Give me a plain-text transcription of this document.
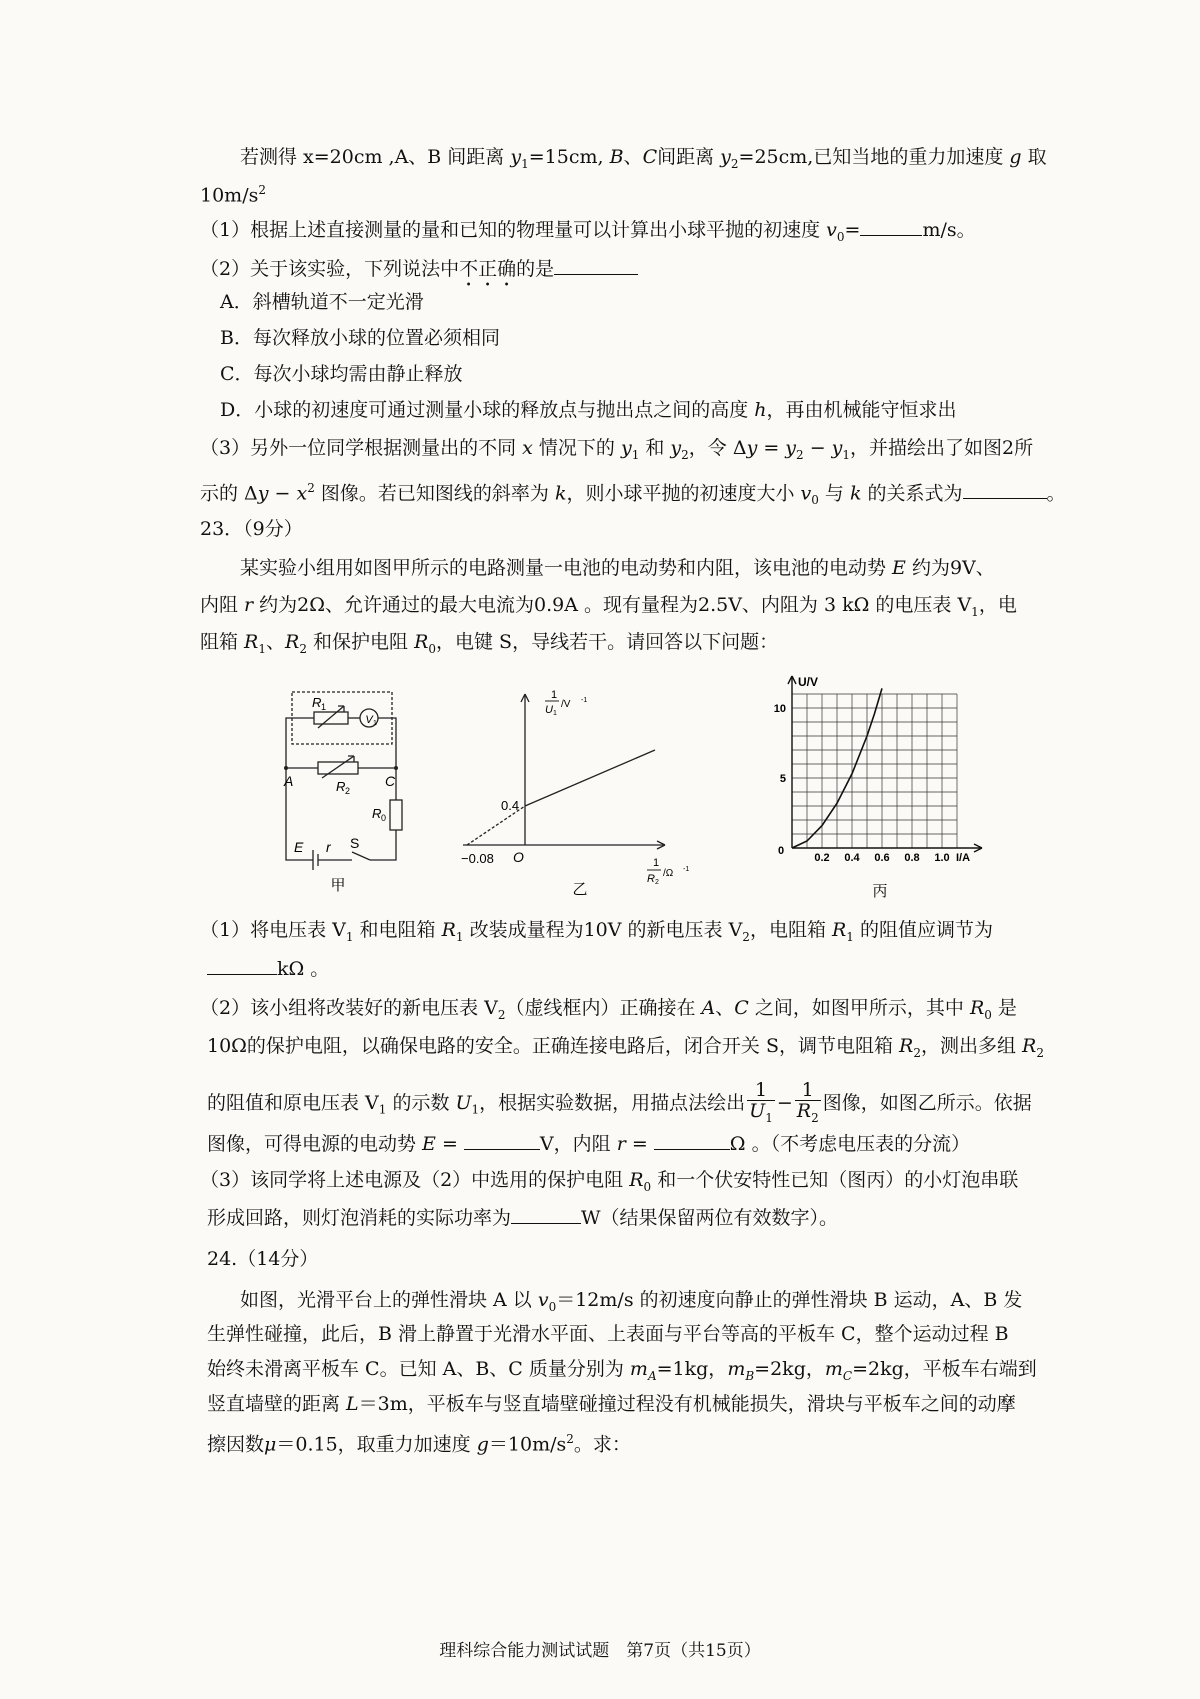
若测得 x=20cm ,A、B 间距离 $y_1=15cm$, B、C间距离 $y_2=25cm$,已知当地的重力加速度 g 取
$10m/s^2$
（1）根据上述直接测量的量和已知的物理量可以计算出小球平抛的初速度 $v_0=$	m/s。
（2）关于该实验，下列说法中不正确的是
A．斜槽轨道不一定光滑
B．每次释放小球的位置必须相同
C．每次小球均需由静止释放
D．小球的初速度可通过测量小球的释放点与抛出点之间的高度 h，再由机械能守恒求出
（3）另外一位同学根据测量出的不同 x 情况下的 $y_1$ 和 $y_2$，令 $\Delta y = y_2 - y_1$，并描绘出了如图2所
示的 $\Delta y - x^2$ 图像。若已知图线的斜率为 k，则小球平抛的初速度大小 $v_0$ 与 k 的关系式为	。
23．（9分）
某实验小组用如图甲所示的电路测量一电池的电动势和内阻，该电池的电动势 E 约为9V、
内阻 r 约为2Ω、允许通过的最大电流为0.9A 。现有量程为2.5V、内阻为 3 kΩ 的电压表 $V_1$，电
阻箱 $R_1$、$R_2$ 和保护电阻 $R_0$，电键 S，导线若干。请回答以下问题：
V 1
R 1
R 2
A	C
R 0
E r S
甲
1
U 1
/V -1
0.4
−0.08 O	1
R 2
/Ω -1
乙
0.2 0.4 0.6 0.8 1.0
10
5
U/V
I/A
0
丙
（1）将电压表 $V_1$ 和电阻箱 $R_1$ 改装成量程为10V 的新电压表 $V_2$，电阻箱 $R_1$ 的阻值应调节为
kΩ 。
（2）该小组将改装好的新电压表 $V_2$（虚线框内）正确接在 A、C 之间，如图甲所示，其中 $R_0$ 是
10Ω的保护电阻，以确保电路的安全。正确连接电路后，闭合开关 S，调节电阻箱 $R_2$，测出多组 $R_2$
的阻值和原电压表 $V_1$ 的示数 $U_1$，根据实验数据，用描点法绘出 $\frac{1}{U_1} - \frac{1}{R_2}$ 图像，如图乙所示。依据
图像，可得电源的电动势 E =	V，内阻 r =	Ω 。（不考虑电压表的分流）
（3）该同学将上述电源及（2）中选用的保护电阻 $R_0$ 和一个伏安特性已知（图丙）的小灯泡串联
形成回路，则灯泡消耗的实际功率为	W（结果保留两位有效数字）。
24.（14分）
如图，光滑平台上的弹性滑块 A 以 $v_0=12m/s$ 的初速度向静止的弹性滑块 B 运动，A、B 发
生弹性碰撞，此后，B 滑上静置于光滑水平面、上表面与平台等高的平板车 C，整个运动过程 B
始终未滑离平板车 C。已知 A、B、C 质量分别为 $m_A=1kg$，$m_B=2kg$，$m_C=2kg$，平板车右端到
竖直墙壁的距离 L＝3m，平板车与竖直墙壁碰撞过程没有机械能损失，滑块与平板车之间的动摩
擦因数μ＝0.15，取重力加速度 $g=10m/s^2$。求：
理科综合能力测试试题　第7页（共15页）
